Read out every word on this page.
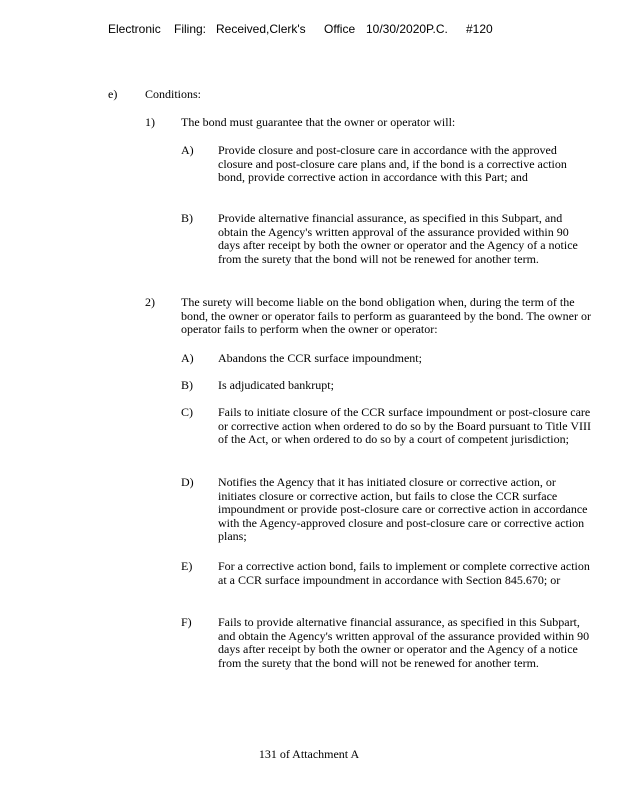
Electronic Filing: Received,Clerk's Office 10/30/2020P.C. #120
e) Conditions:
1) The bond must guarantee that the owner or operator will:
A) Provide closure and post-closure care in accordance with the approved closure and post-closure care plans and, if the bond is a corrective action bond, provide corrective action in accordance with this Part; and
B) Provide alternative financial assurance, as specified in this Subpart, and obtain the Agency's written approval of the assurance provided within 90 days after receipt by both the owner or operator and the Agency of a notice from the surety that the bond will not be renewed for another term.
2) The surety will become liable on the bond obligation when, during the term of the bond, the owner or operator fails to perform as guaranteed by the bond. The owner or operator fails to perform when the owner or operator:
A) Abandons the CCR surface impoundment;
B) Is adjudicated bankrupt;
C) Fails to initiate closure of the CCR surface impoundment or post-closure care or corrective action when ordered to do so by the Board pursuant to Title VIII of the Act, or when ordered to do so by a court of competent jurisdiction;
D) Notifies the Agency that it has initiated closure or corrective action, or initiates closure or corrective action, but fails to close the CCR surface impoundment or provide post-closure care or corrective action in accordance with the Agency-approved closure and post-closure care or corrective action plans;
E) For a corrective action bond, fails to implement or complete corrective action at a CCR surface impoundment in accordance with Section 845.670; or
F) Fails to provide alternative financial assurance, as specified in this Subpart, and obtain the Agency's written approval of the assurance provided within 90 days after receipt by both the owner or operator and the Agency of a notice from the surety that the bond will not be renewed for another term.
131 of Attachment A
